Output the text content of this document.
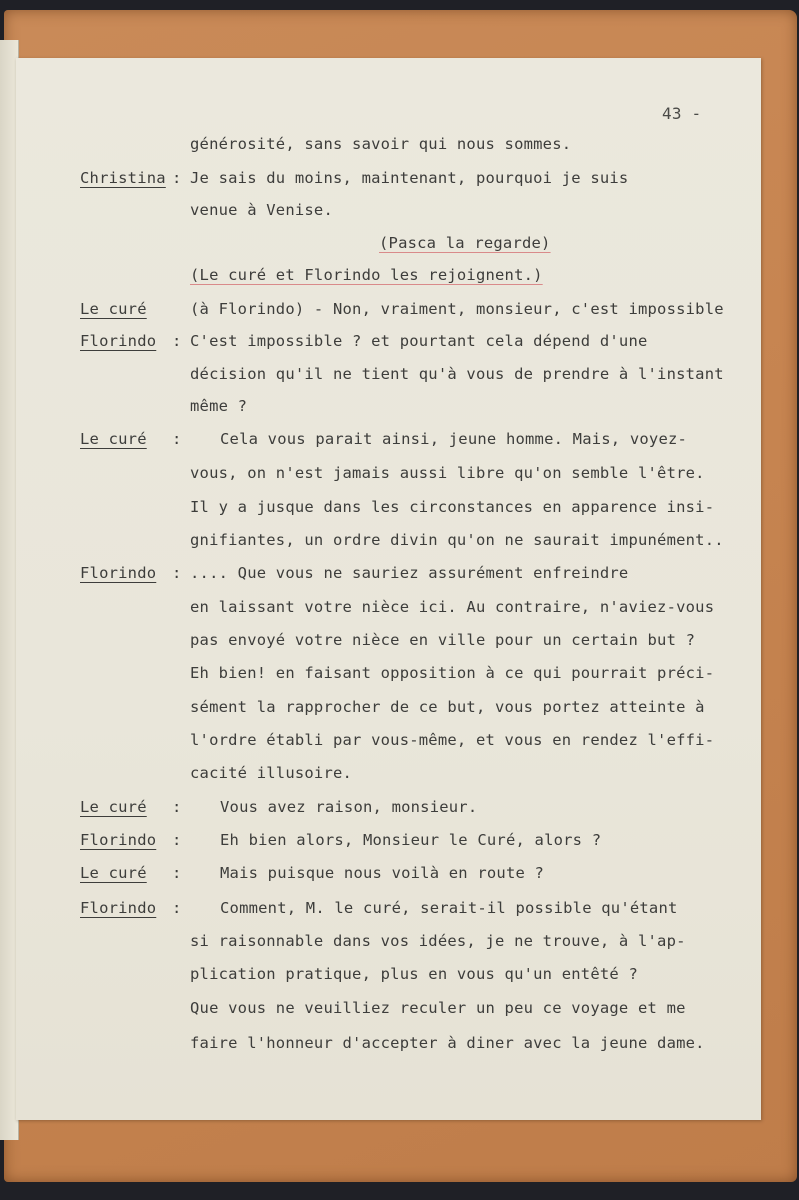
43 -
générosité, sans savoir qui nous sommes.
Christina : Je sais du moins, maintenant, pourquoi je suis
venue à Venise.
(Pasca la regarde)
(Le curé et Florindo les rejoignent.)
Le curé	(à Florindo) - Non, vraiment, monsieur, c'est impossible
Florindo : C'est impossible ? et pourtant cela dépend d'une
décision qu'il ne tient qu'à vous de prendre à l'instant
même ?
Le curé : Cela vous parait ainsi, jeune homme. Mais, voyez-
vous, on n'est jamais aussi libre qu'on semble l'être.
Il y a jusque dans les circonstances en apparence insi-
gnifiantes, un ordre divin qu'on ne saurait impunément..
Florindo : .... Que vous ne sauriez assurément enfreindre
en laissant votre nièce ici. Au contraire, n'aviez-vous
pas envoyé votre nièce en ville pour un certain but ?
Eh bien! en faisant opposition à ce qui pourrait préci-
sément la rapprocher de ce but, vous portez atteinte à
l'ordre établi par vous-même, et vous en rendez l'effi-
cacité illusoire.
Le curé : Vous avez raison, monsieur.
Florindo : Eh bien alors, Monsieur le Curé, alors ?
Le curé : Mais puisque nous voilà en route ?
Florindo : Comment, M. le curé, serait-il possible qu'étant
si raisonnable dans vos idées, je ne trouve, à l'ap-
plication pratique, plus en vous qu'un entêté ?
Que vous ne veuilliez reculer un peu ce voyage et me
faire l'honneur d'accepter à diner avec la jeune dame.
